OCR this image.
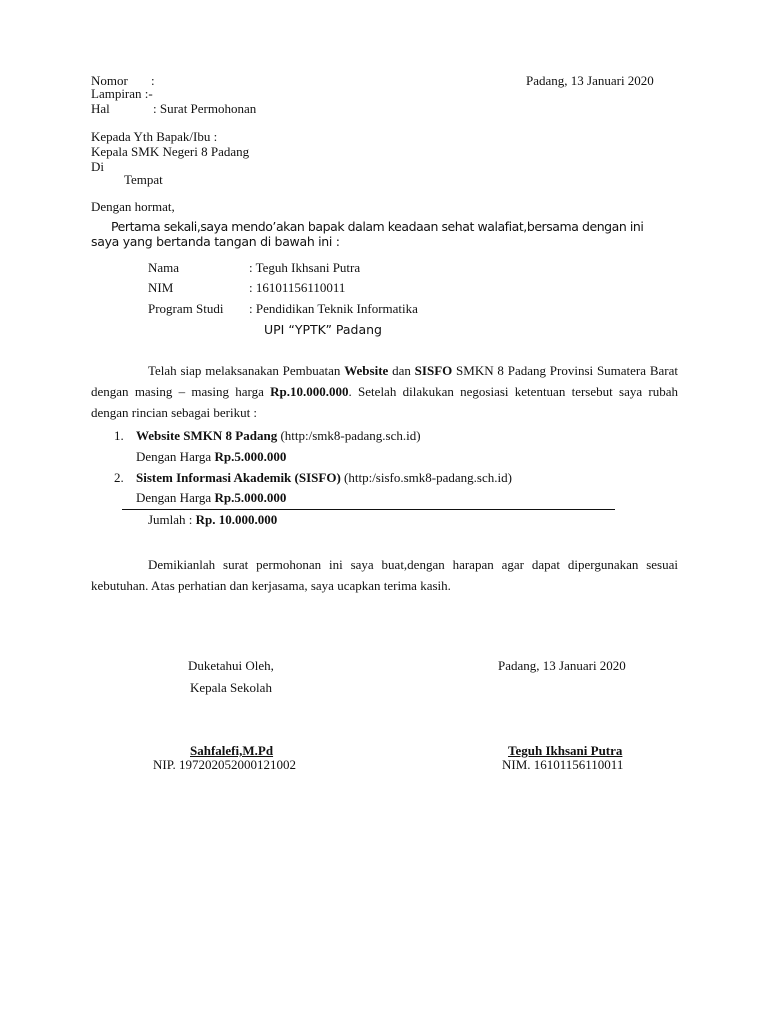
Nomor :	Padang, 13 Januari 2020
Lampiran :-
Hal	: Surat Permohonan
Kepada Yth Bapak/Ibu :
Kepala SMK Negeri 8 Padang
Di
Tempat
Dengan hormat,
Pertama sekali,saya mendo’akan bapak dalam keadaan sehat walafiat,bersama dengan ini
saya yang bertanda tangan di bawah ini :
Nama	: Teguh Ikhsani Putra
NIM	: 16101156110011
Program Studi : Pendidikan Teknik Informatika
UPI “YPTK” Padang
Telah siap melaksanakan Pembuatan Website dan SISFO SMKN 8 Padang Provinsi Sumatera Barat dengan masing – masing harga Rp.10.000.000. Setelah dilakukan negosiasi ketentuan tersebut saya rubah dengan rincian sebagai berikut :
1. Website SMKN 8 Padang (http:/smk8-padang.sch.id)
Dengan Harga Rp.5.000.000
2. Sistem Informasi Akademik (SISFO) (http:/sisfo.smk8-padang.sch.id)
Dengan Harga Rp.5.000.000
Jumlah : Rp. 10.000.000
Demikianlah surat permohonan ini saya buat,dengan harapan agar dapat dipergunakan sesuai kebutuhan. Atas perhatian dan kerjasama, saya ucapkan terima kasih.
Duketahui Oleh,
Kepala Sekolah
Padang, 13 Januari 2020
Sahfalefi,M.Pd
NIP. 197202052000121002
Teguh Ikhsani Putra
NIM. 16101156110011
